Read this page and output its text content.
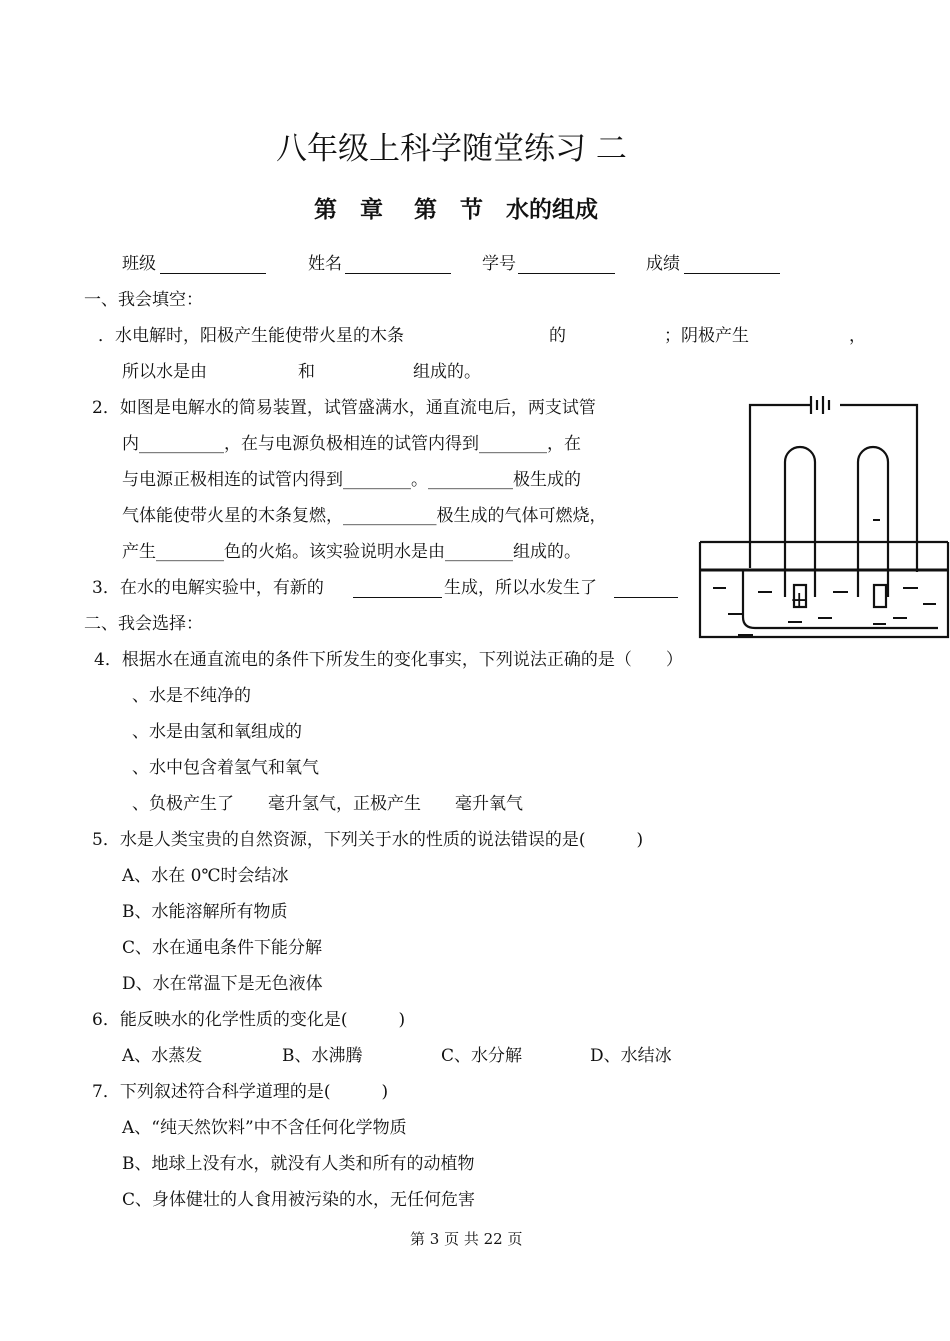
八年级上科学随堂练习 二
第　章　 第　节　水的组成
班级	姓名	学号	成绩
一、我会填空：
．水电解时，阳极产生能使带火星的木条	的	；阴极产生	，
所以水是由	和	组成的。
2．如图是电解水的简易装置，试管盛满水，通直流电后，两支试管
内__________，在与电源负极相连的试管内得到________，在
与电源正极相连的试管内得到________。__________极生成的
气体能使带火星的木条复燃，___________极生成的气体可燃烧，
产生________色的火焰。该实验说明水是由________组成的。
3．在水的电解实验中，有新的	生成，所以水发生了	+
二、我会选择：
4．根据水在通直流电的条件下所发生的变化事实，下列说法正确的是（　　）
、水是不纯净的
、水是由氢和氧组成的
、水中包含着氢气和氧气
、负极产生了　　毫升氢气，正极产生　　毫升氧气
5．水是人类宝贵的自然资源，下列关于水的性质的说法错误的是(　　　)
A、水在 0℃时会结冰
B、水能溶解所有物质
C、水在通电条件下能分解
D、水在常温下是无色液体
6．能反映水的化学性质的变化是(　　　)
A、水蒸发	B、水沸腾	C、水分解	D、水结冰
7．下列叙述符合科学道理的是(　　　)
A、“纯天然饮料”中不含任何化学物质
B、地球上没有水，就没有人类和所有的动植物
C、身体健壮的人食用被污染的水，无任何危害
第 3 页 共 22 页
